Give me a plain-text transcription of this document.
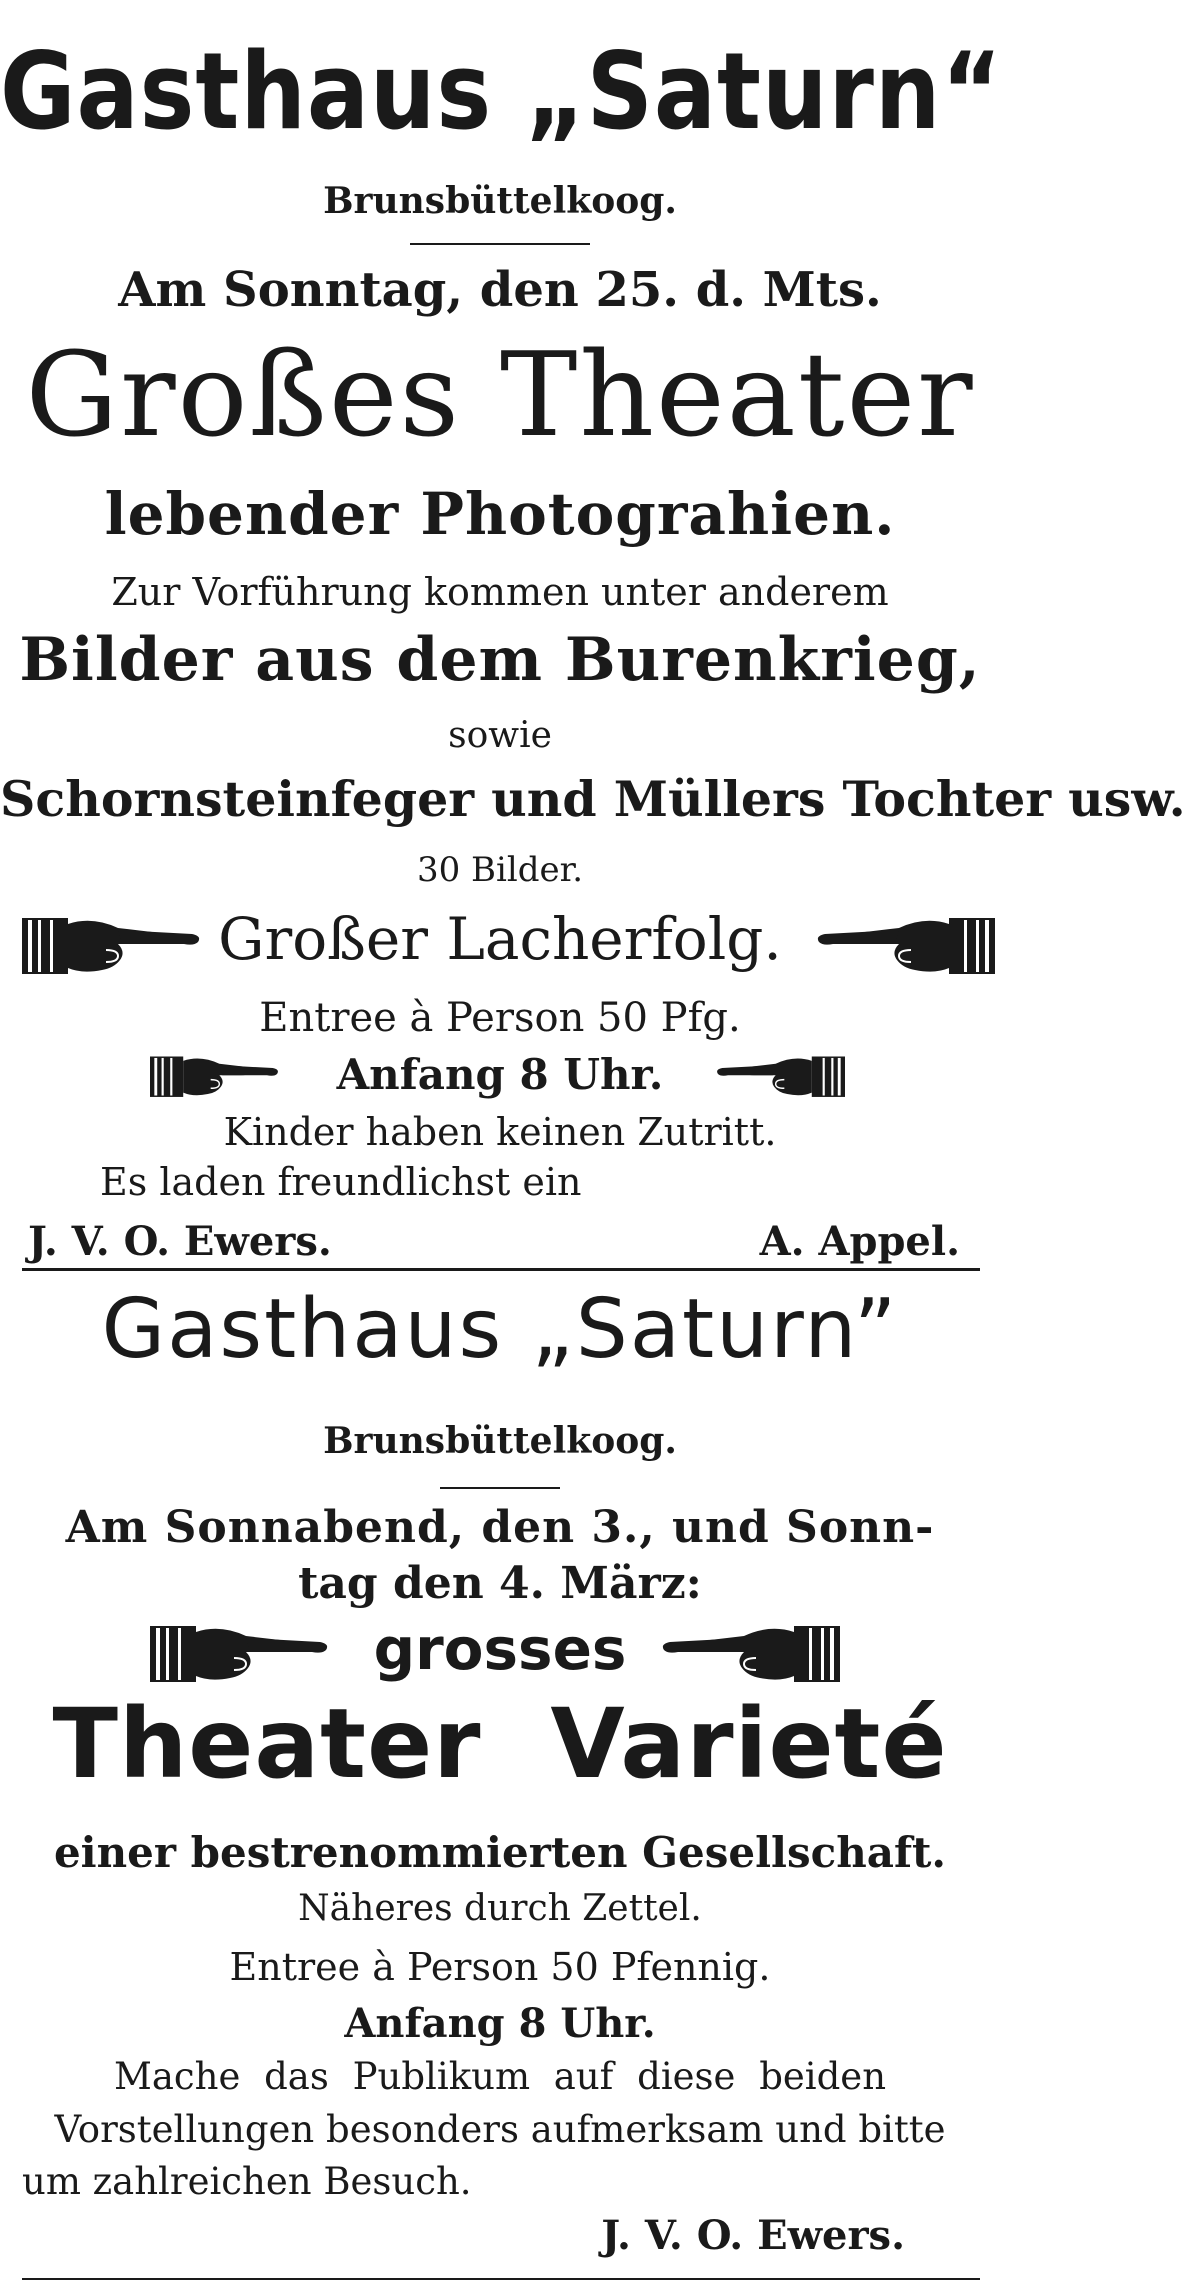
Gasthaus „Saturn“
Brunsbüttelkoog.
Am Sonntag, den 25. d. Mts.
Großes Theater
lebender Photograhien.
Zur Vorführung kommen unter anderem
Bilder aus dem Burenkrieg,
sowie
Schornsteinfeger und Müllers Tochter usw.
30 Bilder.
Großer Lacherfolg.
Entree à Person 50 Pfg.
Anfang 8 Uhr.
Kinder haben keinen Zutritt.
Es laden freundlichst ein
J. V. O. Ewers.	A. Appel.
Gasthaus „Saturn”
Brunsbüttelkoog.
Am Sonnabend, den 3., und Sonn-
tag den 4. März:
grosses
Theater  Varieté
einer bestrenommierten Gesellschaft.
Näheres durch Zettel.
Entree à Person 50 Pfennig.
Anfang 8 Uhr.
Mache das Publikum auf diese beiden
Vorstellungen besonders aufmerksam und bitte
um zahlreichen Besuch.
J. V. O. Ewers.
